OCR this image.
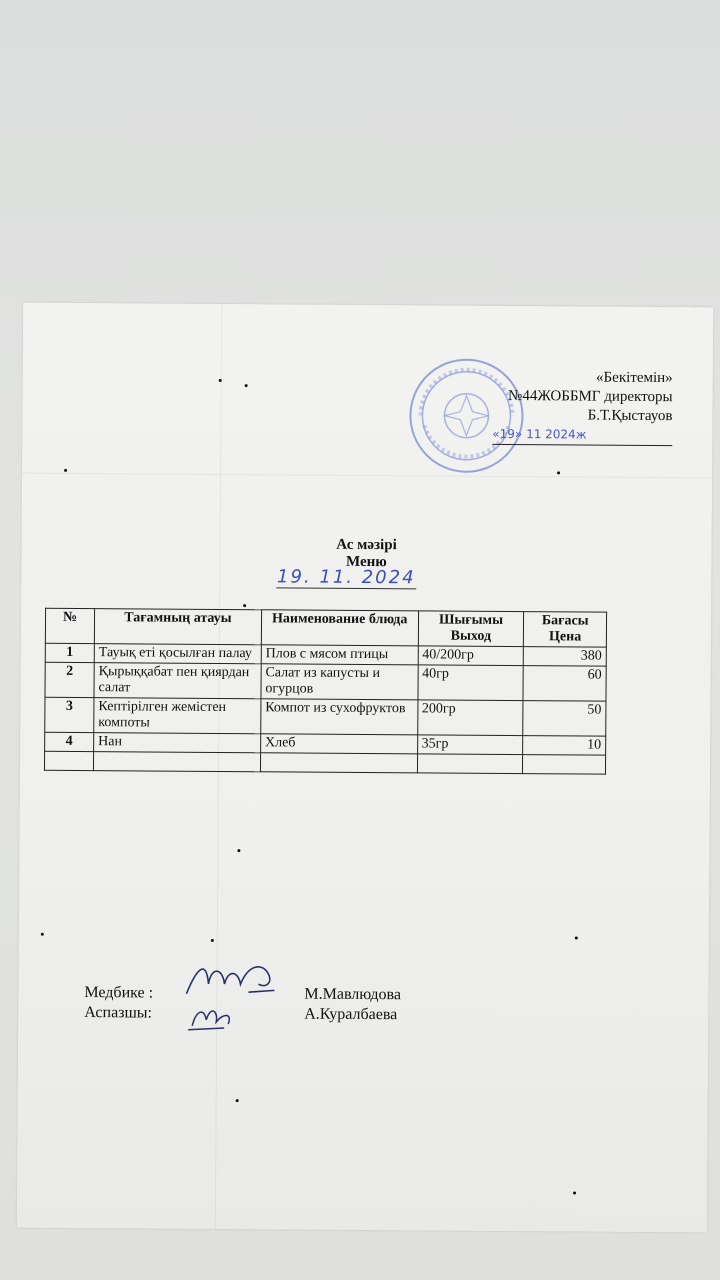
«Бекітемін»
№44ЖОББМГ директоры
Б.Т.Қыстауов
«19» 11 2024ж
Ас мәзірі
Меню
19. 11. 2024
№	Тағамның атауы	Наименование блюда	Шығымы Выход	Бағасы Цена
1	Тауық еті қосылған палау	Плов с мясом птицы	40/200гр	380
2	Қырыққабат пен қиярдан салат	Салат из капусты и огурцов	40гр	60
3	Кептірілген жемістен компоты	Компот из сухофруктов	200гр	50
4	Нан	Хлеб	35гр	10

Медбике :	М.Мавлюдова
Аспазшы:	А.Куралбаева
